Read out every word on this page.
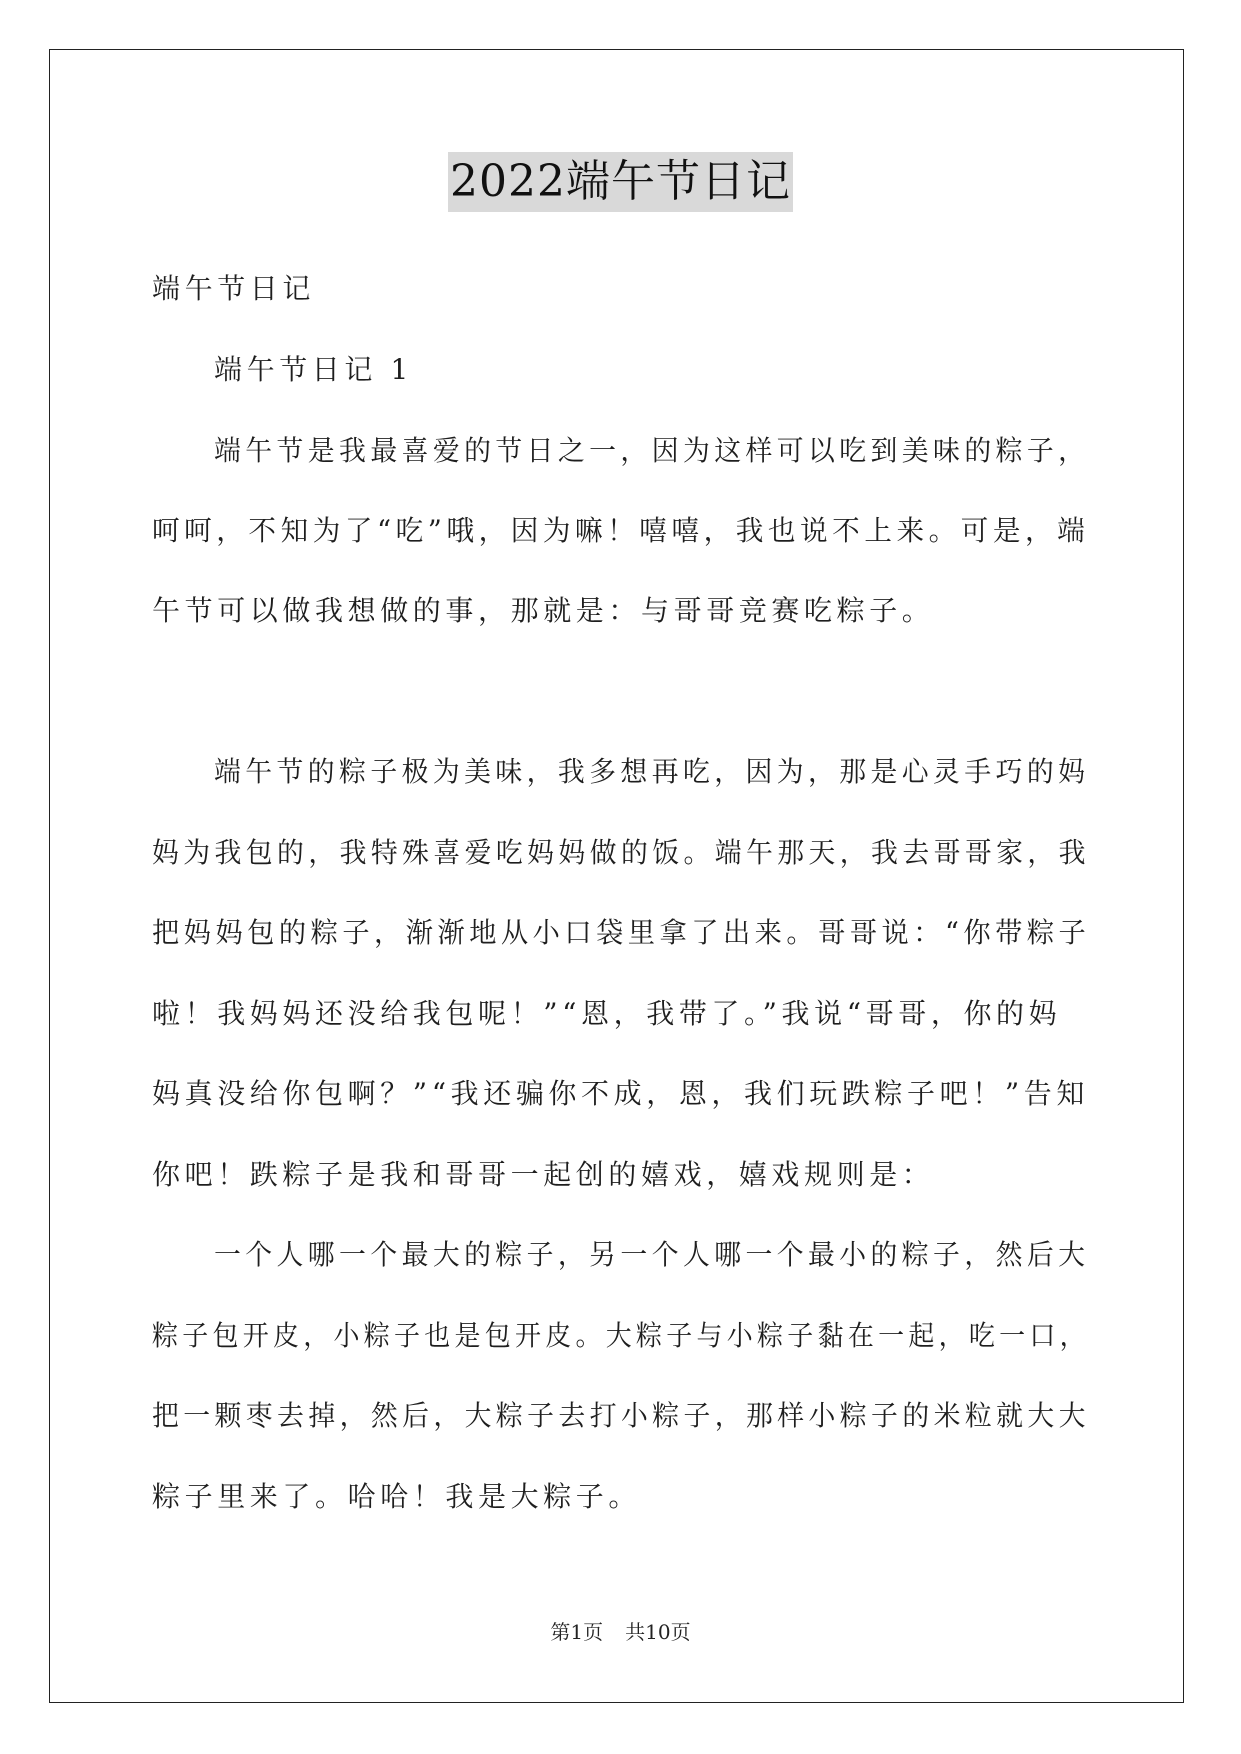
2022端午节日记
端午节日记
端午节日记 1
端午节是我最喜爱的节日之一，因为这样可以吃到美味的粽子，
呵呵，不知为了“吃”哦，因为嘛！嘻嘻，我也说不上来。可是，端
午节可以做我想做的事，那就是：与哥哥竞赛吃粽子。
端午节的粽子极为美味，我多想再吃，因为，那是心灵手巧的妈
妈为我包的，我特殊喜爱吃妈妈做的饭。端午那天，我去哥哥家，我
把妈妈包的粽子，渐渐地从小口袋里拿了出来。哥哥说：“你带粽子
啦！我妈妈还没给我包呢！”“恩，我带了。”我说“哥哥，你的妈
妈真没给你包啊？”“我还骗你不成，恩，我们玩跌粽子吧！”告知
你吧！跌粽子是我和哥哥一起创的嬉戏，嬉戏规则是：
一个人哪一个最大的粽子，另一个人哪一个最小的粽子，然后大
粽子包开皮，小粽子也是包开皮。大粽子与小粽子黏在一起，吃一口，
把一颗枣去掉，然后，大粽子去打小粽子，那样小粽子的米粒就大大
粽子里来了。哈哈！我是大粽子。
第1页 共10页
